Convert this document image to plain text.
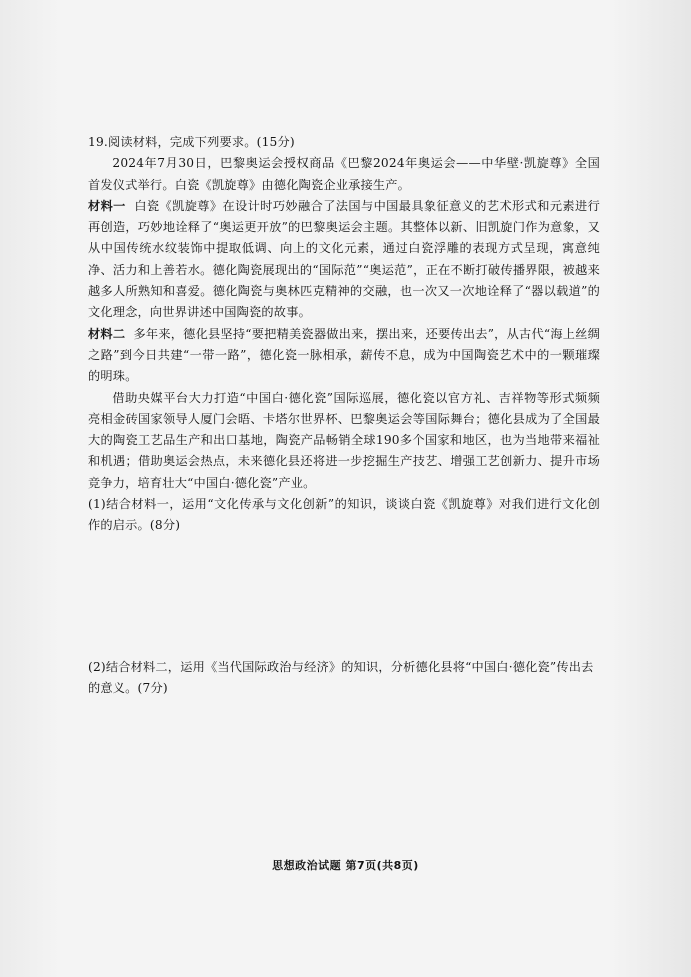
19.阅读材料，完成下列要求。(15分)

2024年7月30日，巴黎奥运会授权商品《巴黎2024年奥运会——中华壁·凯旋尊》全国首发仪式举行。白瓷《凯旋尊》由德化陶瓷企业承接生产。

材料一 白瓷《凯旋尊》在设计时巧妙融合了法国与中国最具象征意义的艺术形式和元素进行再创造，巧妙地诠释了“奥运更开放”的巴黎奥运会主题。其整体以新、旧凯旋门作为意象，又从中国传统水纹装饰中提取低调、向上的文化元素，通过白瓷浮雕的表现方式呈现，寓意纯净、活力和上善若水。德化陶瓷展现出的“国际范”“奥运范”，正在不断打破传播界限，被越来越多人所熟知和喜爱。德化陶瓷与奥林匹克精神的交融，也一次又一次地诠释了“器以载道”的文化理念，向世界讲述中国陶瓷的故事。

材料二 多年来，德化县坚持“要把精美瓷器做出来，摆出来，还要传出去”，从古代“海上丝绸之路”到今日共建“一带一路”，德化瓷一脉相承，薪传不息，成为中国陶瓷艺术中的一颗璀璨的明珠。

借助央媒平台大力打造“中国白·德化瓷”国际巡展，德化瓷以官方礼、吉祥物等形式频频亮相金砖国家领导人厦门会晤、卡塔尔世界杯、巴黎奥运会等国际舞台；德化县成为了全国最大的陶瓷工艺品生产和出口基地，陶瓷产品畅销全球190多个国家和地区，也为当地带来福祉和机遇；借助奥运会热点，未来德化县还将进一步挖掘生产技艺、增强工艺创新力、提升市场竞争力，培育壮大“中国白·德化瓷”产业。

(1)结合材料一，运用“文化传承与文化创新”的知识，谈谈白瓷《凯旋尊》对我们进行文化创作的启示。(8分)

(2)结合材料二，运用《当代国际政治与经济》的知识，分析德化县将“中国白·德化瓷”传出去的意义。(7分)
思想政治试题 第7页(共8页)
